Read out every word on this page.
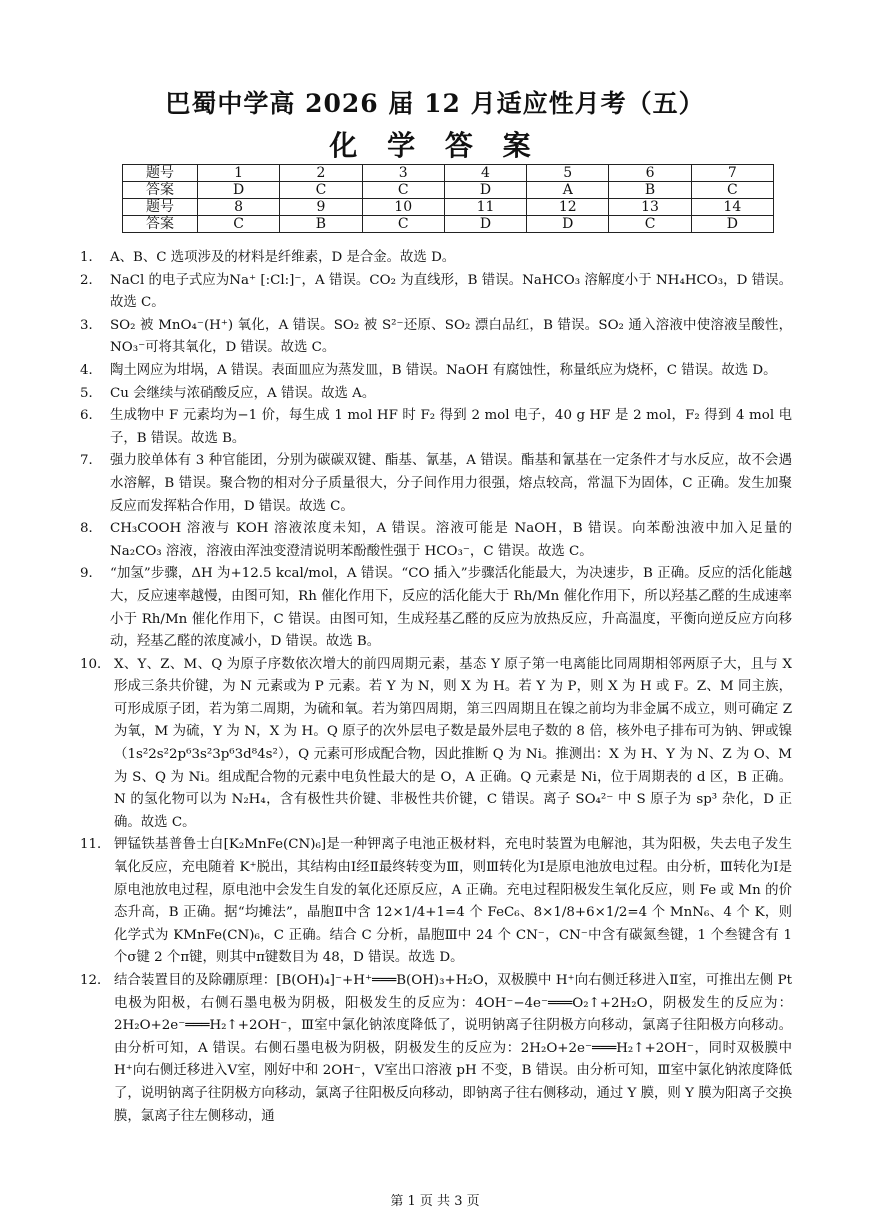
巴蜀中学高 2026 届 12 月适应性月考（五）
化 学 答 案
题号	1	2	3	4	5	6	7
答案	D	C	C	D	A	B	C
题号	8	9	10	11	12	13	14
答案	C	B	C	D	D	C	D
1． A、B、C 选项涉及的材料是纤维素，D 是合金。故选 D。
2． NaCl 的电子式应为Na⁺ [:Cl:]⁻，A 错误。CO₂ 为直线形，B 错误。NaHCO₃ 溶解度小于 NH₄HCO₃，D 错误。故选 C。
3． SO₂ 被 MnO₄⁻(H⁺) 氧化，A 错误。SO₂ 被 S²⁻还原、SO₂ 漂白品红，B 错误。SO₂ 通入溶液中使溶液呈酸性， NO₃⁻可将其氧化，D 错误。故选 C。
4． 陶土网应为坩埚，A 错误。表面皿应为蒸发皿，B 错误。NaOH 有腐蚀性，称量纸应为烧杯，C 错误。故选 D。
5． Cu 会继续与浓硝酸反应，A 错误。故选 A。
6． 生成物中 F 元素均为−1 价，每生成 1 mol HF 时 F₂ 得到 2 mol 电子，40 g HF 是 2 mol，F₂ 得到 4 mol 电子，B 错误。故选 B。
7． 强力胶单体有 3 种官能团，分别为碳碳双键、酯基、氰基，A 错误。酯基和氰基在一定条件才与水反应，故不会遇水溶解，B 错误。聚合物的相对分子质量很大，分子间作用力很强，熔点较高，常温下为固体，C 正确。发生加聚反应而发挥粘合作用，D 错误。故选 C。
8． CH₃COOH 溶液与 KOH 溶液浓度未知，A 错误。溶液可能是 NaOH，B 错误。向苯酚浊液中加入足量的 Na₂CO₃ 溶液，溶液由浑浊变澄清说明苯酚酸性强于 HCO₃⁻，C 错误。故选 C。
9． “加氢”步骤，ΔH 为+12.5 kcal/mol，A 错误。“CO 插入”步骤活化能最大，为决速步，B 正确。反应的活化能越大，反应速率越慢，由图可知，Rh 催化作用下，反应的活化能大于 Rh/Mn 催化作用下，所以羟基乙醛的生成速率小于 Rh/Mn 催化作用下，C 错误。由图可知，生成羟基乙醛的反应为放热反应，升高温度，平衡向逆反应方向移动，羟基乙醛的浓度减小，D 错误。故选 B。
10． X、Y、Z、M、Q 为原子序数依次增大的前四周期元素，基态 Y 原子第一电离能比同周期相邻两原子大，且与 X 形成三条共价键，为 N 元素或为 P 元素。若 Y 为 N，则 X 为 H。若 Y 为 P，则 X 为 H 或 F。Z、M 同主族，可形成原子团，若为第二周期，为硫和氧。若为第四周期，第三四周期且在镍之前均为非金属不成立，则可确定 Z 为氧，M 为硫，Y 为 N，X 为 H。Q 原子的次外层电子数是最外层电子数的 8 倍，核外电子排布可为钠、钾或镍（1s²2s²2p⁶3s²3p⁶3d⁸4s²），Q 元素可形成配合物，因此推断 Q 为 Ni。推测出：X 为 H、Y 为 N、Z 为 O、M 为 S、Q 为 Ni。组成配合物的元素中电负性最大的是 O，A 正确。Q 元素是 Ni，位于周期表的 d 区，B 正确。N 的氢化物可以为 N₂H₄，含有极性共价键、非极性共价键，C 错误。离子 SO₄²⁻ 中 S 原子为 sp³ 杂化，D 正确。故选 C。
11． 钾锰铁基普鲁士白[K₂MnFe(CN)₆]是一种钾离子电池正极材料，充电时装置为电解池，其为阳极，失去电子发生氧化反应，充电随着 K⁺脱出，其结构由Ⅰ经Ⅱ最终转变为Ⅲ，则Ⅲ转化为Ⅰ是原电池放电过程。由分析，Ⅲ转化为Ⅰ是原电池放电过程，原电池中会发生自发的氧化还原反应，A 正确。充电过程阳极发生氧化反应，则 Fe 或 Mn 的价态升高，B 正确。据“均摊法”，晶胞Ⅱ中含 12×1/4+1=4 个 FeC₆、8×1/8+6×1/2=4 个 MnN₆、4 个 K，则化学式为 KMnFe(CN)₆，C 正确。结合 C 分析，晶胞Ⅲ中 24 个 CN⁻，CN⁻中含有碳氮叁键，1 个叁键含有 1 个σ键 2 个π键，则其中π键数目为 48，D 错误。故选 D。
12． 结合装置目的及除硼原理：[B(OH)₄]⁻+H⁺═══B(OH)₃+H₂O，双极膜中 H⁺向右侧迁移进入Ⅱ室，可推出左侧 Pt 电极为阳极，右侧石墨电极为阴极，阳极发生的反应为：4OH⁻−4e⁻═══O₂↑+2H₂O，阴极发生的反应为：2H₂O+2e⁻═══H₂↑+2OH⁻，Ⅲ室中氯化钠浓度降低了，说明钠离子往阴极方向移动，氯离子往阳极方向移动。由分析可知，A 错误。右侧石墨电极为阴极，阴极发生的反应为：2H₂O+2e⁻═══H₂↑+2OH⁻，同时双极膜中 H⁺向右侧迁移进入Ⅴ室，刚好中和 2OH⁻，Ⅴ室出口溶液 pH 不变，B 错误。由分析可知，Ⅲ室中氯化钠浓度降低了，说明钠离子往阴极方向移动，氯离子往阳极反向移动，即钠离子往右侧移动，通过 Y 膜，则 Y 膜为阳离子交换膜，氯离子往左侧移动，通
第 1 页 共 3 页
